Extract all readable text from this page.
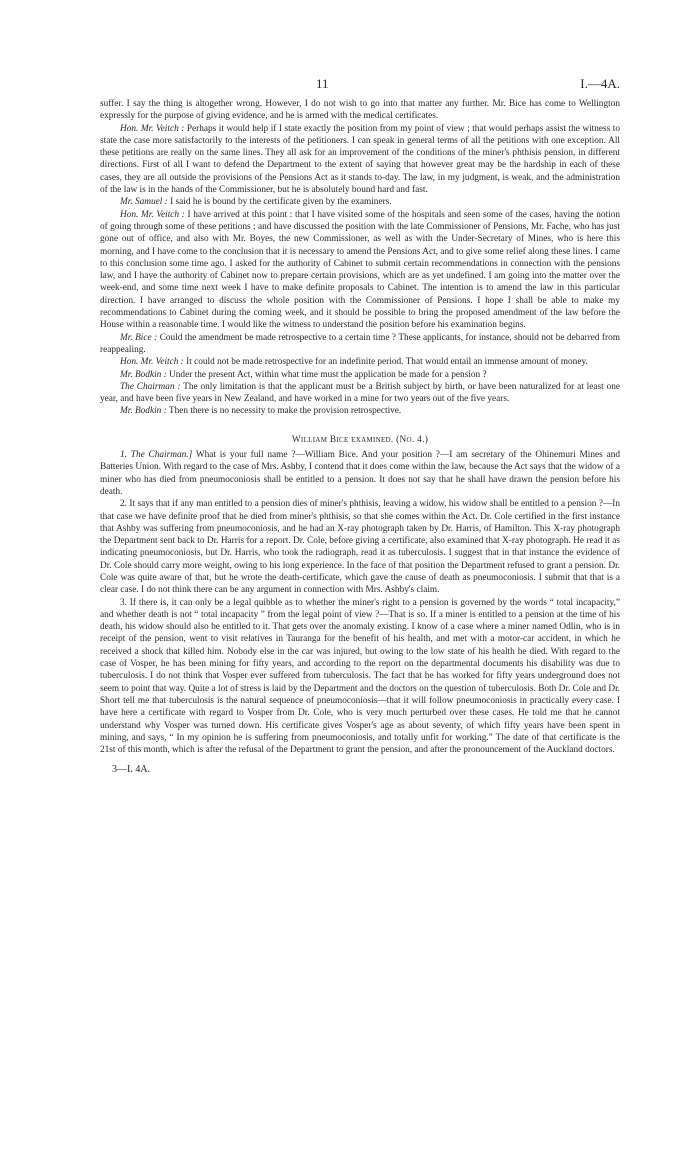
11	I.—4A.

suffer. I say the thing is altogether wrong. However, I do not wish to go into that matter any further. Mr. Bice has come to Wellington expressly for the purpose of giving evidence, and he is armed with the medical certificates.

Hon. Mr. Veitch : Perhaps it would help if I state exactly the position from my point of view ; that would perhaps assist the witness to state the case more satisfactorily to the interests of the petitioners. I can speak in general terms of all the petitions with one exception. All these petitions are really on the same lines. They all ask for an improvement of the conditions of the miner's phthisis pension, in different directions. First of all I want to defend the Department to the extent of saying that however great may be the hardship in each of these cases, they are all outside the provisions of the Pensions Act as it stands to-day. The law, in my judgment, is weak, and the administration of the law is in the hands of the Commissioner, but he is absolutely bound hard and fast.

Mr. Samuel : I said he is bound by the certificate given by the examiners.

Hon. Mr. Veitch : I have arrived at this point : that I have visited some of the hospitals and seen some of the cases, having the notion of going through some of these petitions ; and have discussed the position with the late Commissioner of Pensions, Mr. Fache, who has just gone out of office, and also with Mr. Boyes, the new Commissioner, as well as with the Under-Secretary of Mines, who is here this morning, and I have come to the conclusion that it is necessary to amend the Pensions Act, and to give some relief along these lines. I came to this conclusion some time ago. I asked for the authority of Cabinet to submit certain recommendations in connection with the pensions law, and I have the authority of Cabinet now to prepare certain provisions, which are as yet undefined. I am going into the matter over the week-end, and some time next week I have to make definite proposals to Cabinet. The intention is to amend the law in this particular direction. I have arranged to discuss the whole position with the Commissioner of Pensions. I hope I shall be able to make my recommendations to Cabinet during the coming week, and it should be possible to bring the proposed amendment of the law before the House within a reasonable time. I would like the witness to understand the position before his examination begins.

Mr. Bice : Could the amendment be made retrospective to a certain time ? These applicants, for instance, should not be debarred from reappealing.

Hon. Mr. Veitch : It could not be made retrospective for an indefinite period. That would entail an immense amount of money.

Mr. Bodkin : Under the present Act, within what time must the application be made for a pension ?

The Chairman : The only limitation is that the applicant must be a British subject by birth, or have been naturalized for at least one year, and have been five years in New Zealand, and have worked in a mine for two years out of the five years.

Mr. Bodkin : Then there is no necessity to make the provision retrospective.

William Bice examined. (No. 4.)

1. The Chairman.] What is your full name ?—William Bice. And your position ?—I am secretary of the Ohinemuri Mines and Batteries Union. With regard to the case of Mrs. Ashby, I contend that it does come within the law, because the Act says that the widow of a miner who has died from pneumoconiosis shall be entitled to a pension. It does not say that he shall have drawn the pension before his death.

2. It says that if any man entitled to a pension dies of miner's phthisis, leaving a widow, his widow shall be entitled to a pension ?—In that case we have definite proof that he died from miner's phthisis, so that she comes within the Act. Dr. Cole certified in the first instance that Ashby was suffering from pneumoconiosis, and he had an X-ray photograph taken by Dr. Harris, of Hamilton. This X-ray photograph the Department sent back to Dr. Harris for a report. Dr. Cole, before giving a certificate, also examined that X-ray photograph. He read it as indicating pneumoconiosis, but Dr. Harris, who took the radiograph, read it as tuberculosis. I suggest that in that instance the evidence of Dr. Cole should carry more weight, owing to his long experience. In the face of that position the Department refused to grant a pension. Dr. Cole was quite aware of that, but he wrote the death-certificate, which gave the cause of death as pneumoconiosis. I submit that that is a clear case. I do not think there can be any argument in connection with Mrs. Ashby's claim.

3. If there is, it can only be a legal quibble as to whether the miner's right to a pension is governed by the words “ total incapacity,” and whether death is not “ total incapacity ” from the legal point of view ?—That is so. If a miner is entitled to a pension at the time of his death, his widow should also be entitled to it. That gets over the anomaly existing. I know of a case where a miner named Odlin, who is in receipt of the pension, went to visit relatives in Tauranga for the benefit of his health, and met with a motor-car accident, in which he received a shock that killed him. Nobody else in the car was injured, but owing to the low state of his health he died. With regard to the case of Vosper, he has been mining for fifty years, and according to the report on the departmental documents his disability was due to tuberculosis. I do not think that Vosper ever suffered from tuberculosis. The fact that he has worked for fifty years underground does not seem to point that way. Quite a lot of stress is laid by the Department and the doctors on the question of tuberculosis. Both Dr. Cole and Dr. Short tell me that tuberculosis is the natural sequence of pneumoconiosis—that it will follow pneumoconiosis in practically every case. I have here a certificate with regard to Vosper from Dr. Cole, who is very much perturbed over these cases. He told me that he cannot understand why Vosper was turned down. His certificate gives Vosper's age as about seventy, of which fifty years have been spent in mining, and says, “ In my opinion he is suffering from pneumoconiosis, and totally unfit for working.” The date of that certificate is the 21st of this month, which is after the refusal of the Department to grant the pension, and after the pronouncement of the Auckland doctors.

3—I. 4A.
